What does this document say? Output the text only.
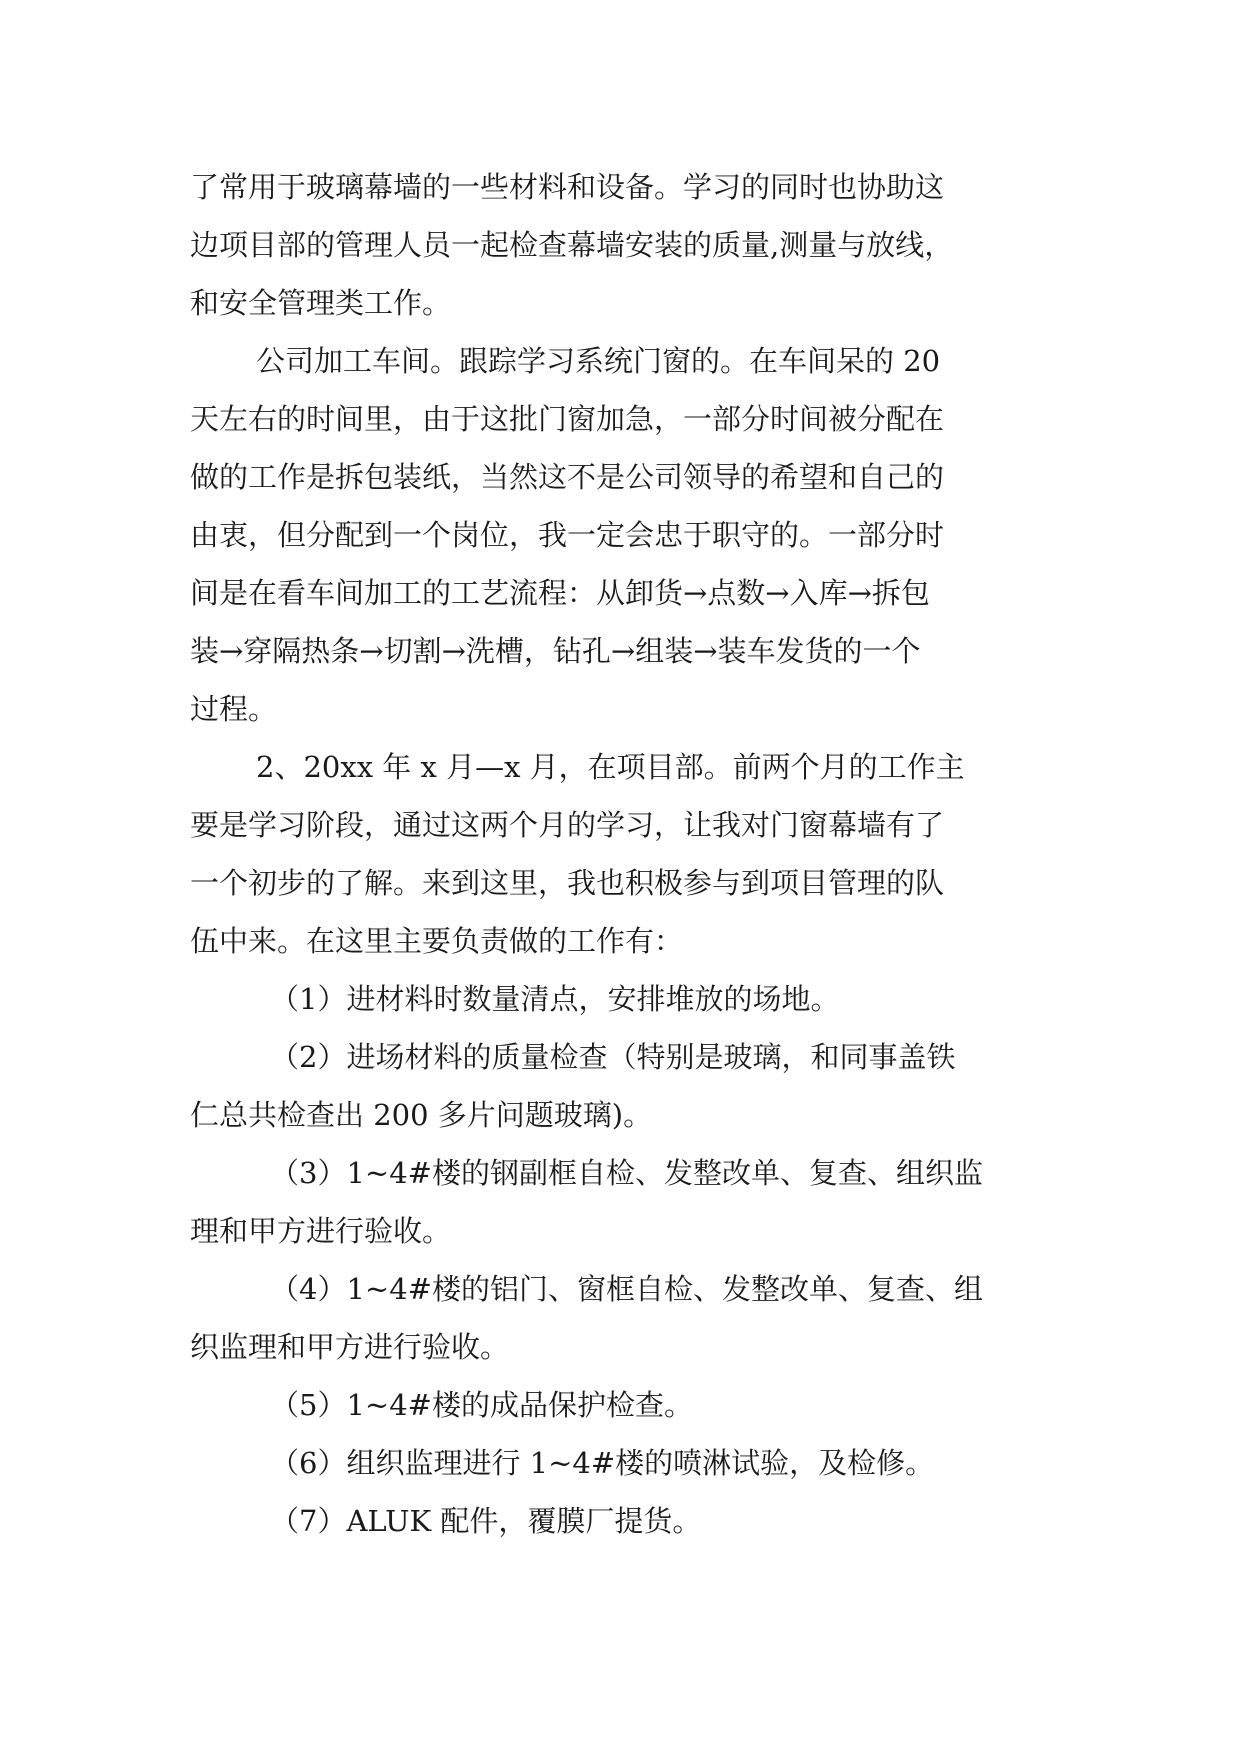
了常用于玻璃幕墙的一些材料和设备。学习的同时也协助这
边项目部的管理人员一起检查幕墙安装的质量,测量与放线，
和安全管理类工作。
公司加工车间。跟踪学习系统门窗的。在车间呆的 20
天左右的时间里，由于这批门窗加急，一部分时间被分配在
做的工作是拆包装纸，当然这不是公司领导的希望和自己的
由衷，但分配到一个岗位，我一定会忠于职守的。一部分时
间是在看车间加工的工艺流程：从卸货→点数→入库→拆包
装→穿隔热条→切割→洗槽，钻孔→组装→装车发货的一个
过程。
2、20xx 年 x 月—x 月，在项目部。前两个月的工作主
要是学习阶段，通过这两个月的学习，让我对门窗幕墙有了
一个初步的了解。来到这里，我也积极参与到项目管理的队
伍中来。在这里主要负责做的工作有：
（1）进材料时数量清点，安排堆放的场地。
（2）进场材料的质量检查（特别是玻璃，和同事盖铁
仁总共检查出 200 多片问题玻璃)。
（3）1~4#楼的钢副框自检、发整改单、复查、组织监
理和甲方进行验收。
（4）1~4#楼的铝门、窗框自检、发整改单、复查、组
织监理和甲方进行验收。
（5）1~4#楼的成品保护检查。
（6）组织监理进行 1~4#楼的喷淋试验，及检修。
（7）ALUK 配件，覆膜厂提货。
